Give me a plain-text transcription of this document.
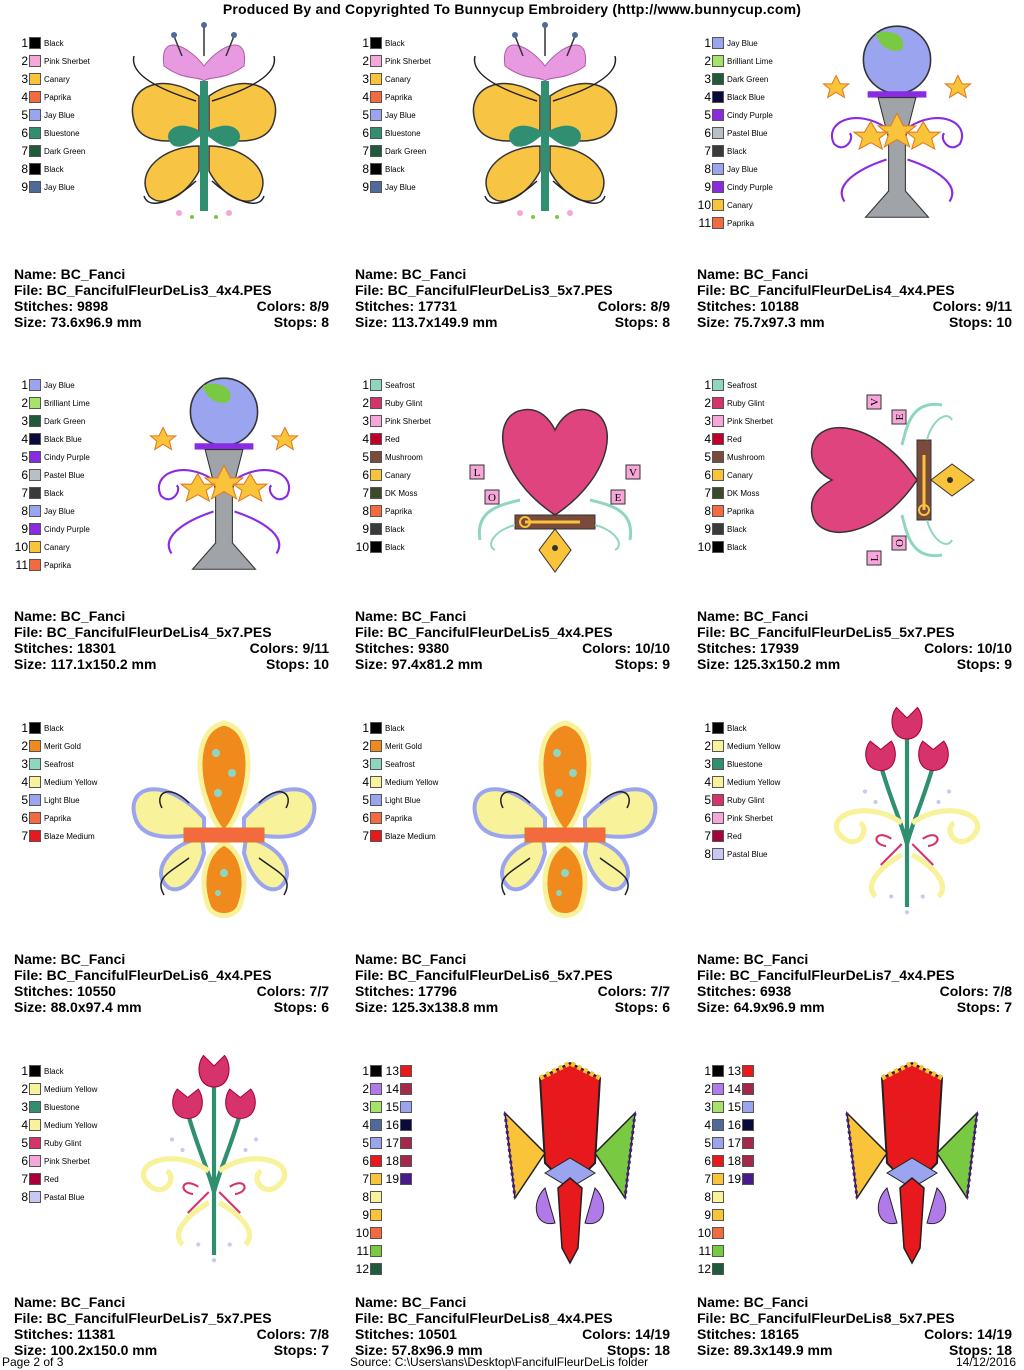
Produced By and Copyrighted To Bunnycup Embroidery (http://www.bunnycup.com)
1 Black
2 Pink Sherbet
3 Canary
4 Paprika
5 Jay Blue
6 Bluestone
7 Dark Green
8 Black
9 Jay Blue
Name: BC_Fanci
File: BC_FancifulFleurDeLis3_4x4.PES
Stitches: 9898	Colors: 8/9
Size: 73.6x96.9 mm	Stops: 8
1 Black
2 Pink Sherbet
3 Canary
4 Paprika
5 Jay Blue
6 Bluestone
7 Dark Green
8 Black
9 Jay Blue
Name: BC_Fanci
File: BC_FancifulFleurDeLis3_5x7.PES
Stitches: 17731	Colors: 8/9
Size: 113.7x149.9 mm	Stops: 8
1 Jay Blue
2 Brilliant Lime
3 Dark Green
4 Black Blue
5 Cindy Purple
6 Pastel Blue
7 Black
8 Jay Blue
9 Cindy Purple
10 Canary
11 Paprika
Name: BC_Fanci
File: BC_FancifulFleurDeLis4_4x4.PES
Stitches: 10188	Colors: 9/11
Size: 75.7x97.3 mm	Stops: 10
1 Jay Blue
2 Brilliant Lime
3 Dark Green
4 Black Blue
5 Cindy Purple
6 Pastel Blue
7 Black
8 Jay Blue
9 Cindy Purple
10 Canary
11 Paprika
Name: BC_Fanci
File: BC_FancifulFleurDeLis4_5x7.PES
Stitches: 18301	Colors: 9/11
Size: 117.1x150.2 mm	Stops: 10
1 Seafrost
2 Ruby Glint
3 Pink Sherbet
4 Red
5 Mushroom
6 Canary
7 DK Moss
8 Paprika
9 Black
10 Black
Name: BC_Fanci
File: BC_FancifulFleurDeLis5_4x4.PES
Stitches: 9380	Colors: 10/10
Size: 97.4x81.2 mm	Stops: 9
1 Seafrost
2 Ruby Glint
3 Pink Sherbet
4 Red
5 Mushroom
6 Canary
7 DK Moss
8 Paprika
9 Black
10 Black
Name: BC_Fanci
File: BC_FancifulFleurDeLis5_5x7.PES
Stitches: 17939	Colors: 10/10
Size: 125.3x150.2 mm	Stops: 9
1 Black
2 Merit Gold
3 Seafrost
4 Medium Yellow
5 Light Blue
6 Paprika
7 Blaze Medium
Name: BC_Fanci
File: BC_FancifulFleurDeLis6_4x4.PES
Stitches: 10550	Colors: 7/7
Size: 88.0x97.4 mm	Stops: 6
1 Black
2 Merit Gold
3 Seafrost
4 Medium Yellow
5 Light Blue
6 Paprika
7 Blaze Medium
Name: BC_Fanci
File: BC_FancifulFleurDeLis6_5x7.PES
Stitches: 17796	Colors: 7/7
Size: 125.3x138.8 mm	Stops: 6
1 Black
2 Medium Yellow
3 Bluestone
4 Medium Yellow
5 Ruby Glint
6 Pink Sherbet
7 Red
8 Pastal Blue
Name: BC_Fanci
File: BC_FancifulFleurDeLis7_4x4.PES
Stitches: 6938	Colors: 7/8
Size: 64.9x96.9 mm	Stops: 7
1 Black
2 Medium Yellow
3 Bluestone
4 Medium Yellow
5 Ruby Glint
6 Pink Sherbet
7 Red
8 Pastal Blue
Name: BC_Fanci
File: BC_FancifulFleurDeLis7_5x7.PES
Stitches: 11381	Colors: 7/8
Size: 100.2x150.0 mm	Stops: 7
1
2
3
4
5
6
7
8
9
10
11
12
13
14
15
16
17
18
19
Name: BC_Fanci
File: BC_FancifulFleurDeLis8_4x4.PES
Stitches: 10501	Colors: 14/19
Size: 57.8x96.9 mm	Stops: 18
1
2
3
4
5
6
7
8
9
10
11
12
13
14
15
16
17
18
19
Name: BC_Fanci
File: BC_FancifulFleurDeLis8_5x7.PES
Stitches: 18165	Colors: 14/19
Size: 89.3x149.9 mm	Stops: 18
Page 2 of 3	Source: C:\Users\ans\Desktop\FancifulFleurDeLis folder	14/12/2016
